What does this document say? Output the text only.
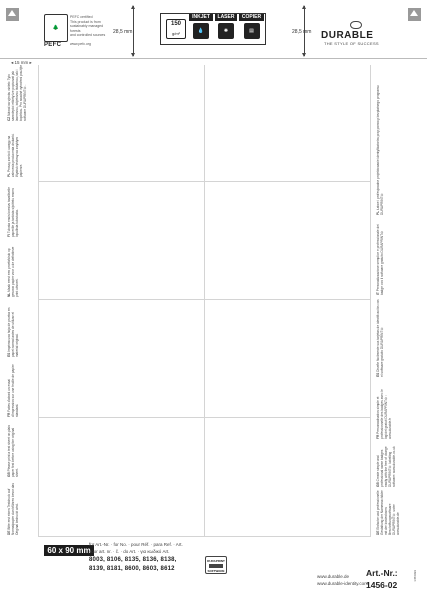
🌲
PEFC
PEFC certified
This product is from
sustainably managed forests
and controlled sources

www.pefc.org
28,5 mm
150
g/m²
INKJET
💧
LASER
✺
COPIER
▤	28,5 mm DURABLE
THE STYLE OF SUCCESS
◂ 15 mm ▸
CZ Návod na výrobu vizitek: Tyto samolepící etikety lze popisovat jak laserovou, inkjetovou tiskárnou, tak i kopírkou. Pro snadné vytvoření použijte software DURAPRINT®.
PL Proszę zwrócić uwagę na zalecenia producenta drukarki. Wydruk testowy na zwykłym papierze.
FI Tulosta ensin koesivu tavalliselle paperille ja tarkista sijoittelu ennen lopullista tulostusta.
NL Maak eerst een proefafdruk op gewoon papier voor u de definitieve print uitvoert.
ES Imprima una hoja de prueba en papel normal antes de utilizar el material original.
FR Faites d'abord un essai d'impression sur une feuille de papier standard.
GB Please print a test sheet on plain paper first before using the original sheet.
DE Bitte erst einen Testdruck auf Normalpapier durchführen bevor das Original bedruckt wird.
PL Łatwe i profesjonalne projektowanie identyfikatorów przy pomocy bezpłatnego programu DURAPRINT®
IT Personalizzazione semplice e professionale dei badge con il software gratuito DURAPRINT®
ES Diseñe fácilmente sus tarjetas de identificación con el software gratuito DURAPRINT®
FR Personnalisation simple et professionnelle des badges avec le logiciel gratuit DURAPRINT®: www.durable.fr
GB Create simple and professional name badges easily with the free of charge DURAPRINT® labelling software: www.durable.co.uk
DE Einfache und professionelle Gestaltung der Namensschilder mit der kostenlosen Beschriftungssoftware DURAPRINT® unter www.durable.de
60 x 90 mm
für Art.-Nr. · for No. · pour Réf. · para Ref. · Art.
voor art. nr. · č. · do Art. · για κωδικό Art.
8003, 8106, 8135, 8136, 8138,
8139, 8181, 8600, 8603, 8612
DURAPRINT
SOFTWARE
www.durable.de
www.durable-identity.com
Art.-Nr.:
1456-02
1456999
